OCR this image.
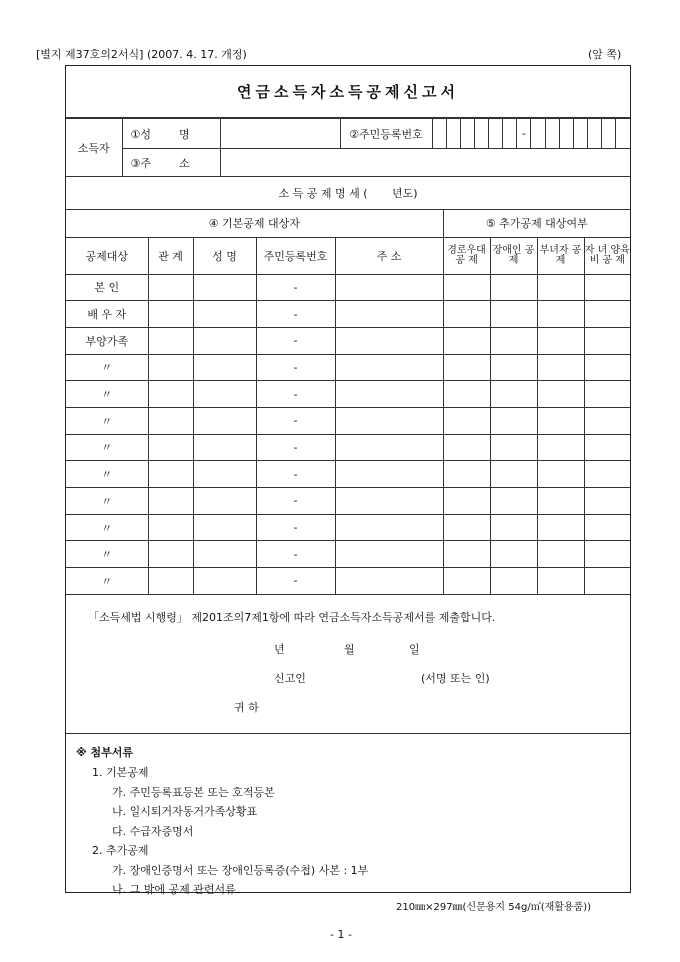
[별지 제37호의2서식] (2007. 4. 17. 개정)	(앞 쪽)
연금소득자소득공제신고서
소득자	①성        명		②주민등록번호							-							
	③주        소																
소 득 공 제 명 세 (       년도)
④ 기본공제 대상자					⑤ 추가공제 대상여부			
공제대상	관 계	성 명	주민등록번호	주 소	경로우대 공 제	장애인 공 제	부녀자 공 제	자 녀 양육비 공 제
본 인			-					
배 우 자			-					
부양가족			-					
〃			-					
〃			-					
〃			-					
〃			-					
〃			-					
〃			-					
〃			-					
〃			-					
〃			-					
「소득세법 시행령」 제201조의7제1항에 따라 연금소득자소득공제서를 제출합니다.
년	월	일
신고인	(서명 또는 인)
귀 하
※ 첨부서류
1. 기본공제
가. 주민등록표등본 또는 호적등본
나. 일시퇴거자동거가족상황표
다. 수급자증명서
2. 추가공제
가. 장애인증명서 또는 장애인등록증(수첩) 사본 : 1부
나. 그 밖에 공제 관련서류
210㎜×297㎜(신문용지 54g/㎡(재활용품))
- 1 -
